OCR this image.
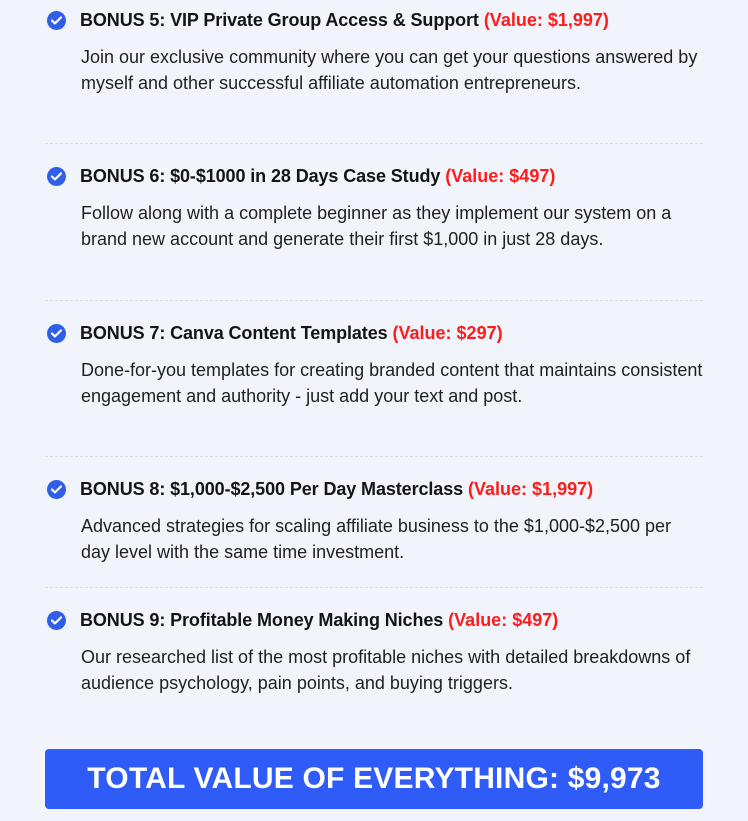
BONUS 5: VIP Private Group Access & Support (Value: $1,997)

Join our exclusive community where you can get your questions answered by myself and other successful affiliate automation entrepreneurs.

BONUS 6: $0-$1000 in 28 Days Case Study (Value: $497)

Follow along with a complete beginner as they implement our system on a brand new account and generate their first $1,000 in just 28 days.

BONUS 7: Canva Content Templates (Value: $297)

Done-for-you templates for creating branded content that maintains consistent engagement and authority - just add your text and post.

BONUS 8: $1,000-$2,500 Per Day Masterclass (Value: $1,997)

Advanced strategies for scaling affiliate business to the $1,000-$2,500 per day level with the same time investment.

BONUS 9: Profitable Money Making Niches (Value: $497)

Our researched list of the most profitable niches with detailed breakdowns of audience psychology, pain points, and buying triggers.

TOTAL VALUE OF EVERYTHING: $9,973
